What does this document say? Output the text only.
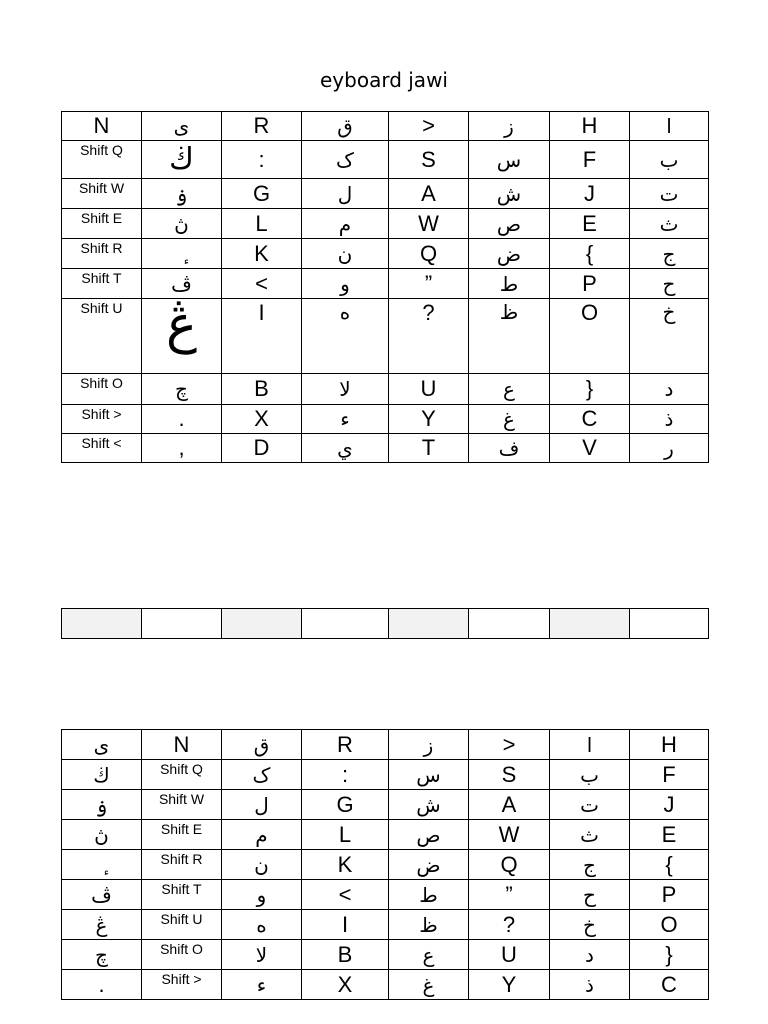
eyboard jawi
N	ى	R	ق	>	ز	H	ا
Shift Q	ڬ	:	ک	S	س	F	ب
Shift W	ۏ	G	ل	A	ش	J	ت
Shift E	ڽ	L	م	W	ص	E	ث
Shift R		K	ن	Q	ض	{	ج
Shift T	ڤ	<	و	”	ط	P	ح
Shift U	ڠ	I	ه	?	ظ	O	خ
Shift O	چ	B	لا	U	ع	}	د
Shift >	.	X	ء	Y	غ	C	ذ
Shift <	,	D	ي	T	ف	V	ر

ى	N	ق	R	ز	>	ا	H
ڬ	Shift Q	ک	:	س	S	ب	F
ۏ	Shift W	ل	G	ش	A	ت	J
ڽ	Shift E	م	L	ص	W	ث	E
	Shift R	ن	K	ض	Q	ج	{
ڤ	Shift T	و	<	ط	”	ح	P
ڠ	Shift U	ه	I	ظ	?	خ	O
چ	Shift O	لا	B	ع	U	د	}
.	Shift >	ء	X	غ	Y	ذ	C
